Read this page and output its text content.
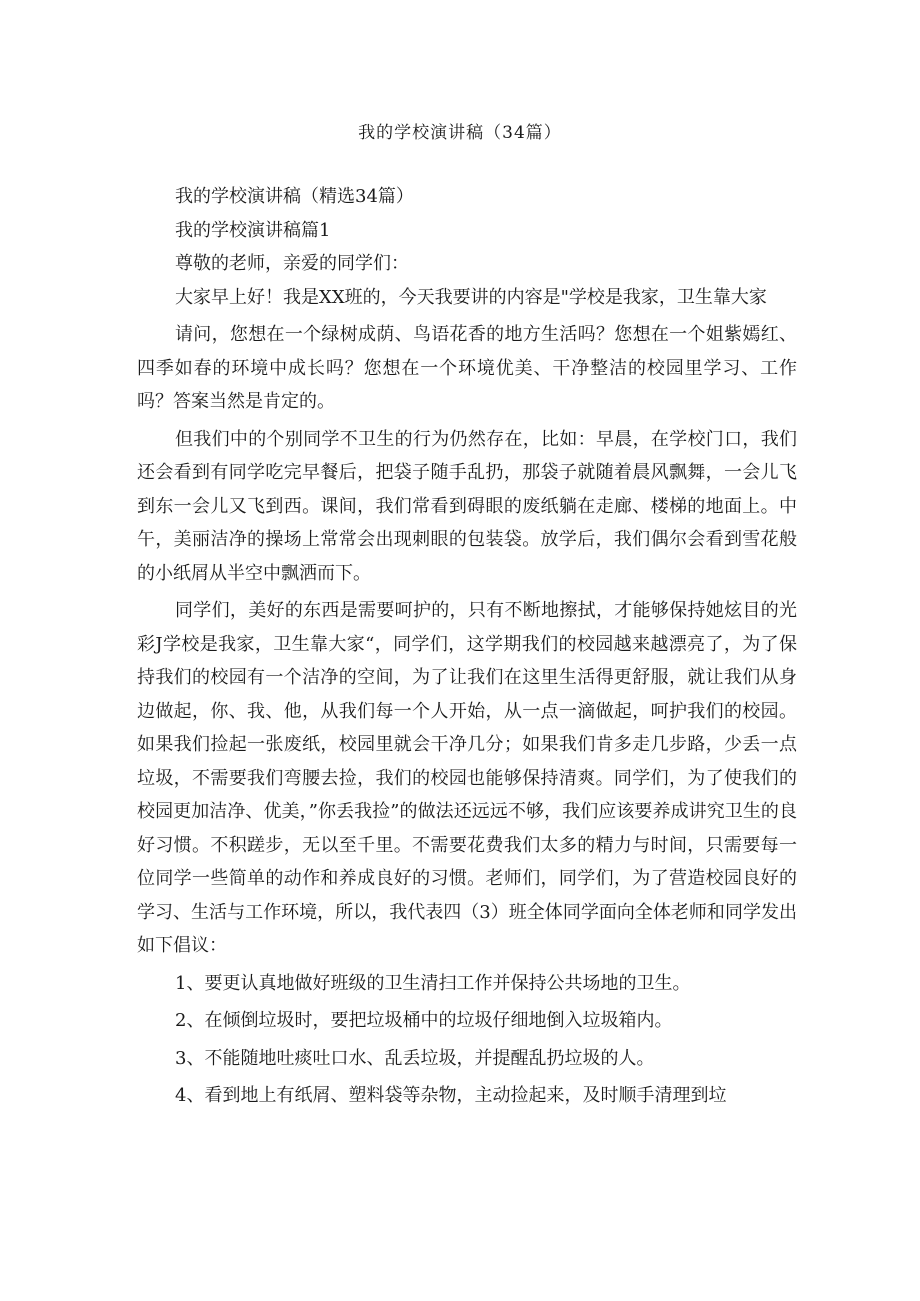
我的学校演讲稿（34篇）

我的学校演讲稿（精选34篇）

我的学校演讲稿篇1

尊敬的老师，亲爱的同学们：

大家早上好！我是XX班的，今天我要讲的内容是"学校是我家，卫生靠大家

请问，您想在一个绿树成荫、鸟语花香的地方生活吗？您想在一个姐紫嫣红、四季如春的环境中成长吗？您想在一个环境优美、干净整洁的校园里学习、工作吗？答案当然是肯定的。

但我们中的个别同学不卫生的行为仍然存在，比如：早晨，在学校门口，我们还会看到有同学吃完早餐后，把袋子随手乱扔，那袋子就随着晨风飘舞，一会儿飞到东一会儿又飞到西。课间，我们常看到碍眼的废纸躺在走廊、楼梯的地面上。中午，美丽洁净的操场上常常会出现刺眼的包装袋。放学后，我们偶尔会看到雪花般的小纸屑从半空中飘洒而下。

同学们，美好的东西是需要呵护的，只有不断地擦拭，才能够保持她炫目的光彩J学校是我家，卫生靠大家“，同学们，这学期我们的校园越来越漂亮了，为了保持我们的校园有一个洁净的空间，为了让我们在这里生活得更舒服，就让我们从身边做起，你、我、他，从我们每一个人开始，从一点一滴做起，呵护我们的校园。如果我们捡起一张废纸，校园里就会干净几分；如果我们肯多走几步路，少丢一点垃圾，不需要我们弯腰去捡，我们的校园也能够保持清爽。同学们，为了使我们的校园更加洁净、优美，”你丢我捡”的做法还远远不够，我们应该要养成讲究卫生的良好习惯。不积蹉步，无以至千里。不需要花费我们太多的精力与时间，只需要每一位同学一些简单的动作和养成良好的习惯。老师们，同学们，为了营造校园良好的学习、生活与工作环境，所以，我代表四（3）班全体同学面向全体老师和同学发出如下倡议：

1、要更认真地做好班级的卫生清扫工作并保持公共场地的卫生。

2、在倾倒垃圾时，要把垃圾桶中的垃圾仔细地倒入垃圾箱内。

3、不能随地吐痰吐口水、乱丢垃圾，并提醒乱扔垃圾的人。

4、看到地上有纸屑、塑料袋等杂物，主动捡起来，及时顺手清理到垃
